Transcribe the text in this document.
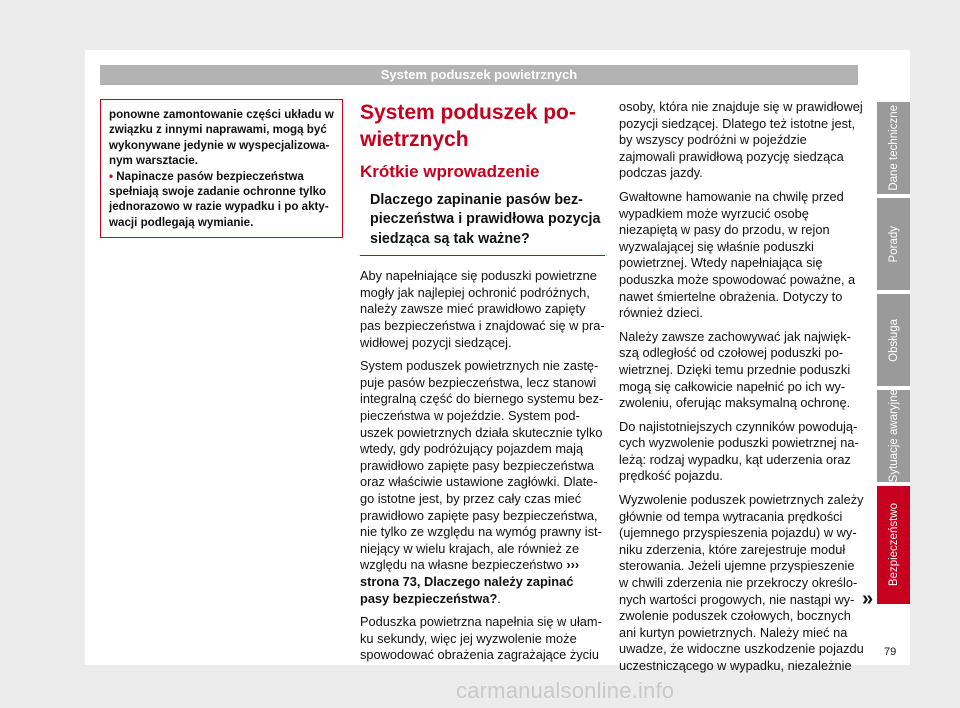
System poduszek powietrznych

ponowne zamontowanie części układu w związku z innymi naprawami, mogą być wykonywane jedynie w wyspecjalizowanym warsztacie.

• Napinacze pasów bezpieczeństwa spełniają swoje zadanie ochronne tylko jednorazowo w razie wypadku i po aktywacji podlegają wymianie.

System poduszek powietrznych
Krótkie wprowadzenie
Dlaczego zapinanie pasów bezpieczeństwa i prawidłowa pozycja siedząca są tak ważne?

Aby napełniające się poduszki powietrzne mogły jak najlepiej ochronić podróżnych, należy zawsze mieć prawidłowo zapięty pas bezpieczeństwa i znajdować się w prawidłowej pozycji siedzącej.

System poduszek powietrznych nie zastępuje pasów bezpieczeństwa, lecz stanowi integralną część do biernego systemu bezpieczeństwa w pojeździe. System poduszek powietrznych działa skutecznie tylko wtedy, gdy podróżujący pojazdem mają prawidłowo zapięte pasy bezpieczeństwa oraz właściwie ustawione zagłówki. Dlatego istotne jest, by przez cały czas mieć prawidłowo zapięte pasy bezpieczeństwa, nie tylko ze względu na wymóg prawny istniejący w wielu krajach, ale również ze względu na własne bezpieczeństwo ››› strona 73, Dlaczego należy zapinać pasy bezpieczeństwa?.

Poduszka powietrzna napełnia się w ułamku sekundy, więc jej wyzwolenie może spowodować obrażenia zagrażające życiu

osoby, która nie znajduje się w prawidłowej pozycji siedzącej. Dlatego też istotne jest, by wszyscy podróżni w pojeździe zajmowali prawidłową pozycję siedząca podczas jazdy.

Gwałtowne hamowanie na chwilę przed wypadkiem może wyrzucić osobę niezapiętą w pasy do przodu, w rejon wyzwalającej się właśnie poduszki powietrznej. Wtedy napełniająca się poduszka może spowodować poważne, a nawet śmiertelne obrażenia. Dotyczy to również dzieci.

Należy zawsze zachowywać jak największą odległość od czołowej poduszki powietrznej. Dzięki temu przednie poduszki mogą się całkowicie napełnić po ich wyzwoleniu, oferując maksymalną ochronę.

Do najistotniejszych czynników powodujących wyzwolenie poduszki powietrznej należą: rodzaj wypadku, kąt uderzenia oraz prędkość pojazdu.

Wyzwolenie poduszek powietrznych zależy głównie od tempa wytracania prędkości (ujemnego przyspieszenia pojazdu) w wyniku zderzenia, które zarejestruje moduł sterowania. Jeżeli ujemne przyspieszenie w chwili zderzenia nie przekroczy określonych wartości progowych, nie nastąpi wyzwolenie poduszek czołowych, bocznych ani kurtyn powietrznych. Należy mieć na uwadze, że widoczne uszkodzenie pojazdu uczestniczącego w wypadku, niezależnie

»
Dane techniczne
Porady
Obsługa
Sytuacje awaryjne
Bezpieczeństwo
79
carmanualsonline.info
